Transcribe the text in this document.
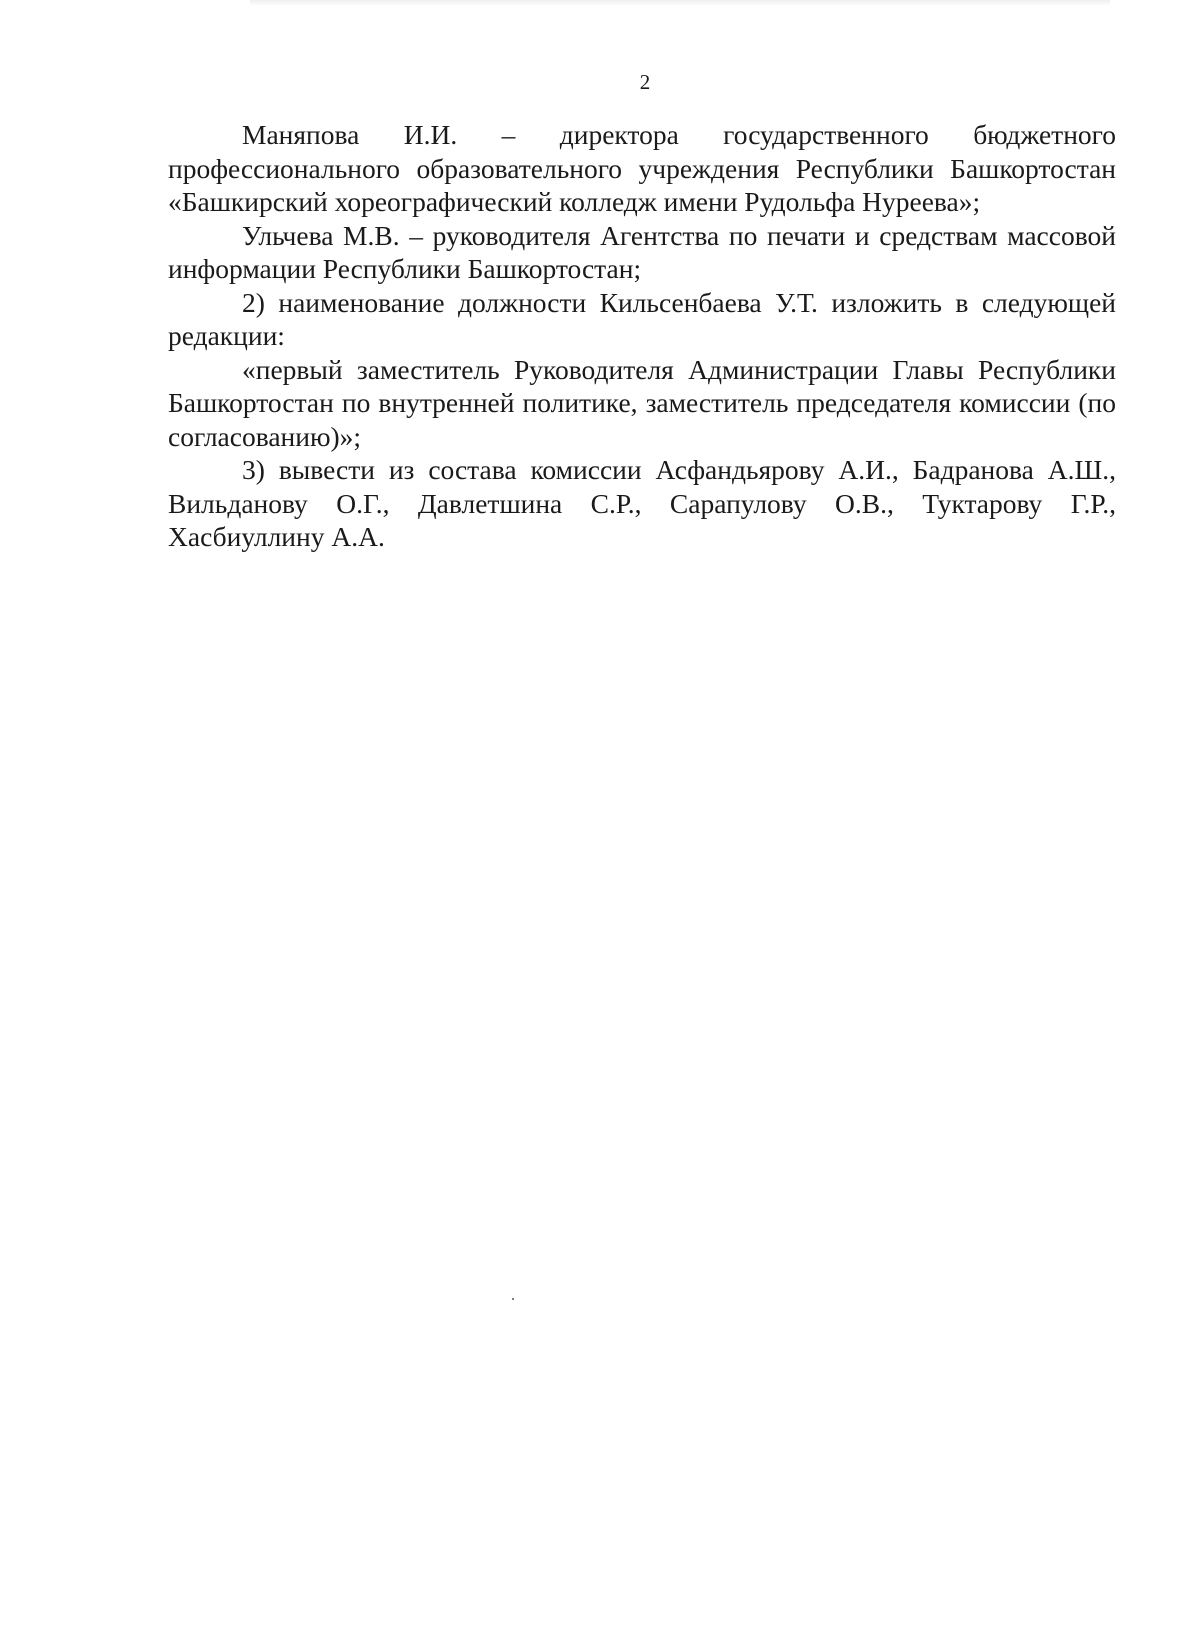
2

Маняпова И.И. – директора государственного бюджетного профессионального образовательного учреждения Республики Башкортостан «Башкирский хореографический колледж имени Рудольфа Нуреева»;

Ульчева М.В. – руководителя Агентства по печати и средствам массовой информации Республики Башкортостан;

2) наименование должности Кильсенбаева У.Т. изложить в следующей редакции:

«первый заместитель Руководителя Администрации Главы Республики Башкортостан по внутренней политике, заместитель председателя комиссии (по согласованию)»;

3) вывести из состава комиссии Асфандьярову А.И., Бадранова А.Ш., Вильданову О.Г., Давлетшина С.Р., Сарапулову О.В., Туктарову Г.Р., Хасбиуллину А.А.
